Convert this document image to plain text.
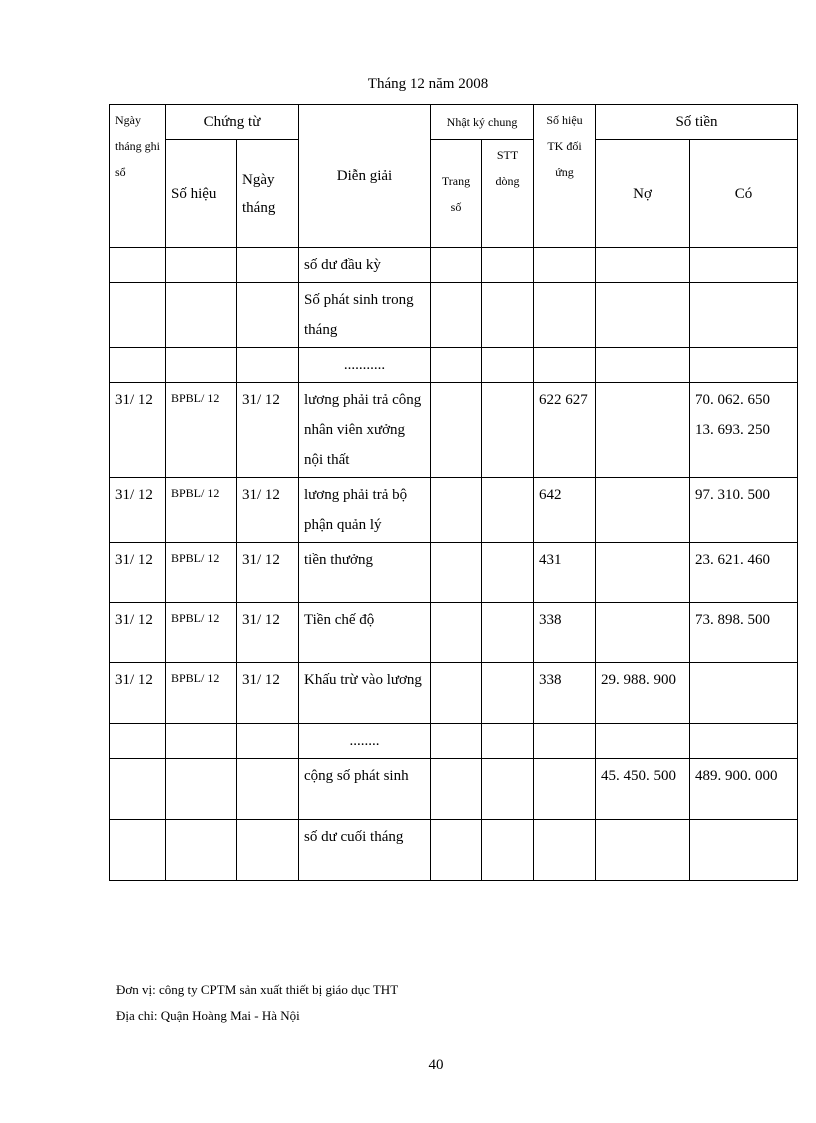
Tháng 12 năm 2008
Ngày tháng ghi sổ	Chứng từ		Diễn giải	Nhật ký chung		Số hiệu TK đối ứng	Số tiền	
	Số hiệu	Ngày tháng		Trang số	STT dòng		Nợ	Có
			số dư đầu kỳ					
			Số phát sinh trong tháng					
			...........					
31/ 12	BPBL/ 12	31/ 12	lương phải trả công nhân viên xưởng nội thất			622 627		70. 062. 650 13. 693. 250
31/ 12	BPBL/ 12	31/ 12	lương phải trả bộ phận quản lý			642		97. 310. 500
31/ 12	BPBL/ 12	31/ 12	tiền thưởng			431		23. 621. 460
31/ 12	BPBL/ 12	31/ 12	Tiền chế độ			338		73. 898. 500
31/ 12	BPBL/ 12	31/ 12	Khấu trừ vào lương			338	29. 988. 900	
			........					
			cộng số phát sinh				45. 450. 500	489. 900. 000
			số dư cuối tháng					
Đơn vị: công ty CPTM sản xuất thiết bị giáo dục THT
Địa chỉ: Quận Hoàng Mai - Hà Nội
40
